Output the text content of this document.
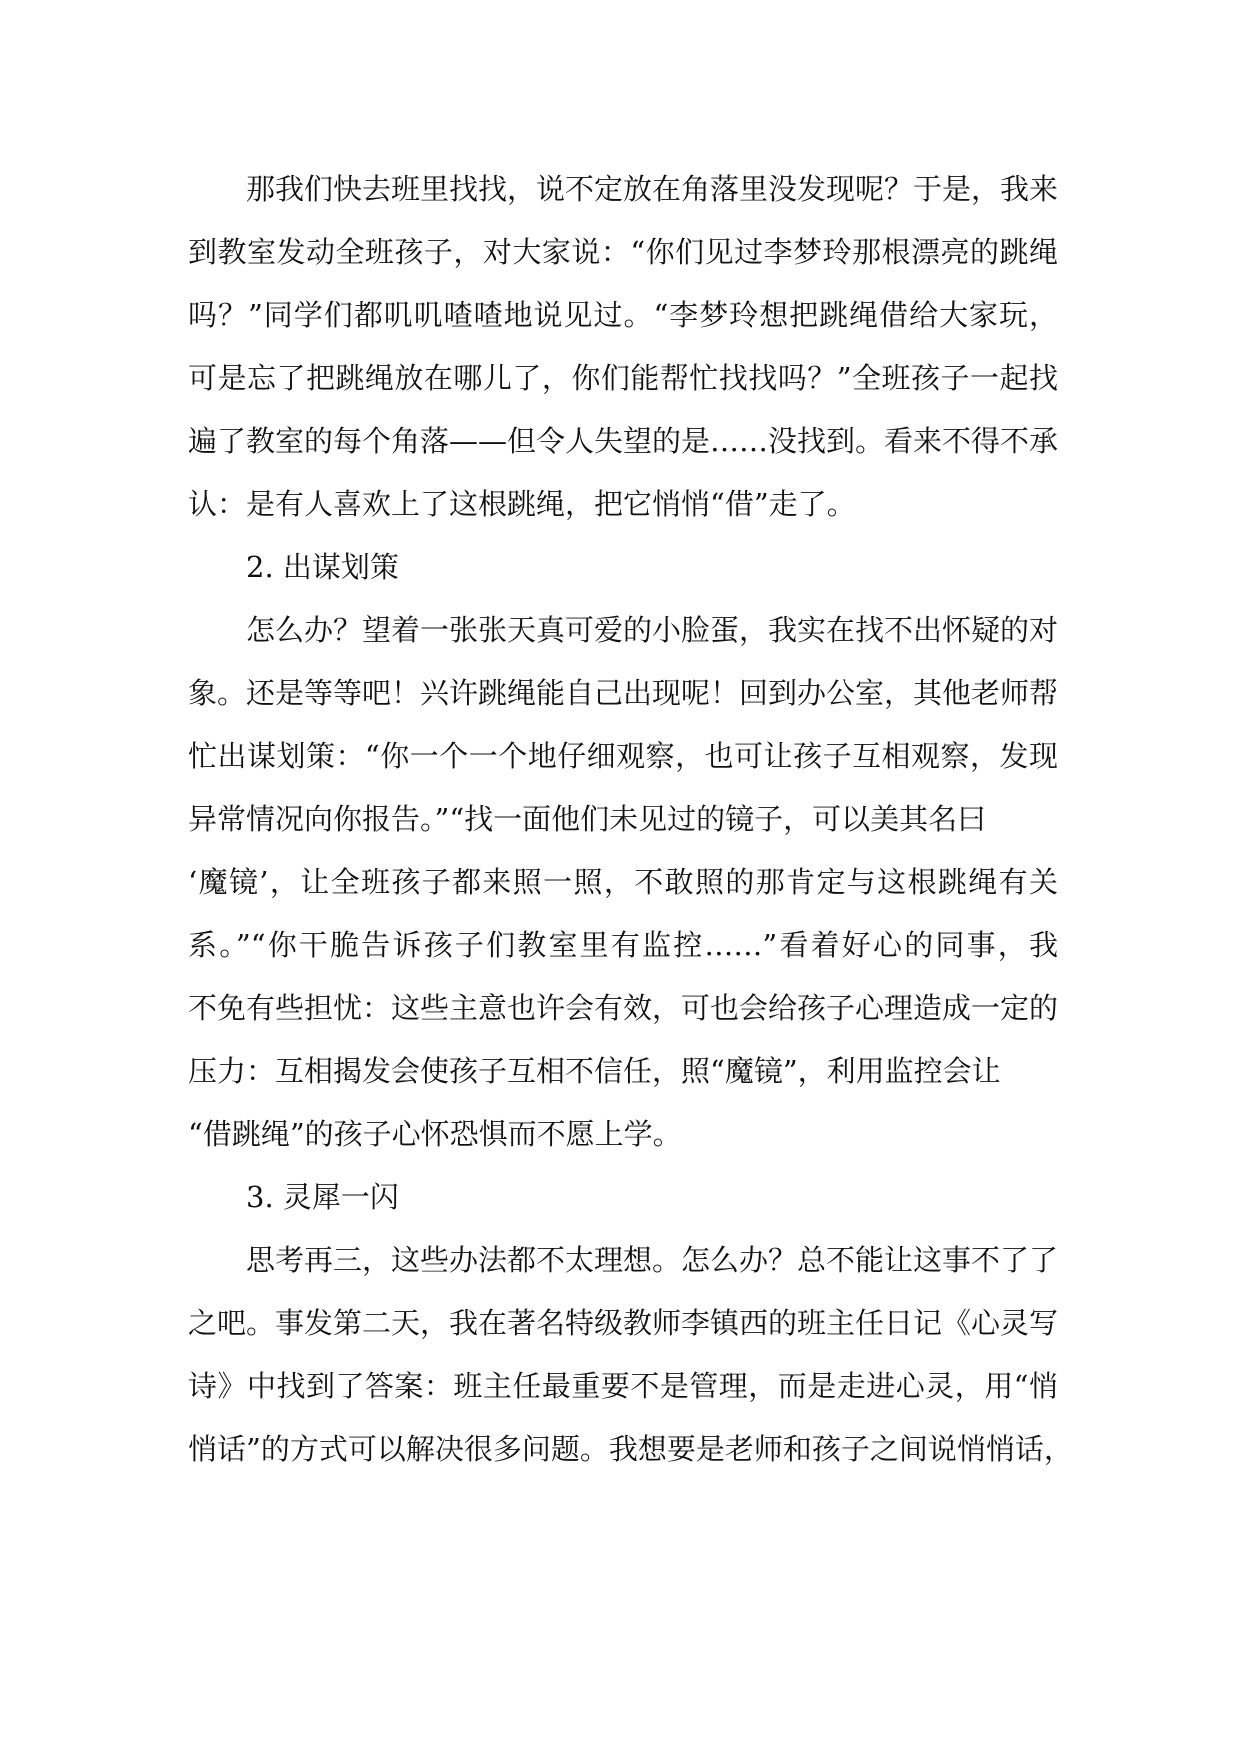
那我们快去班里找找，说不定放在角落里没发现呢？于是，我来
到教室发动全班孩子，对大家说：“你们见过李梦玲那根漂亮的跳绳
吗？”同学们都叽叽喳喳地说见过。“李梦玲想把跳绳借给大家玩，
可是忘了把跳绳放在哪儿了，你们能帮忙找找吗？”全班孩子一起找
遍了教室的每个角落——但令人失望的是……没找到。看来不得不承
认：是有人喜欢上了这根跳绳，把它悄悄“借”走了。
2. 出谋划策
怎么办？望着一张张天真可爱的小脸蛋，我实在找不出怀疑的对
象。还是等等吧！兴许跳绳能自己出现呢！回到办公室，其他老师帮
忙出谋划策：“你一个一个地仔细观察，也可让孩子互相观察，发现
异常情况向你报告。”“找一面他们未见过的镜子，可以美其名曰
‘魔镜’，让全班孩子都来照一照，不敢照的那肯定与这根跳绳有关
系。”“你干脆告诉孩子们教室里有监控……”看着好心的同事，我
不免有些担忧：这些主意也许会有效，可也会给孩子心理造成一定的
压力：互相揭发会使孩子互相不信任，照“魔镜”，利用监控会让
“借跳绳”的孩子心怀恐惧而不愿上学。
3. 灵犀一闪
思考再三，这些办法都不太理想。怎么办？总不能让这事不了了
之吧。事发第二天，我在著名特级教师李镇西的班主任日记《心灵写
诗》中找到了答案：班主任最重要不是管理，而是走进心灵，用“悄
悄话”的方式可以解决很多问题。我想要是老师和孩子之间说悄悄话，
